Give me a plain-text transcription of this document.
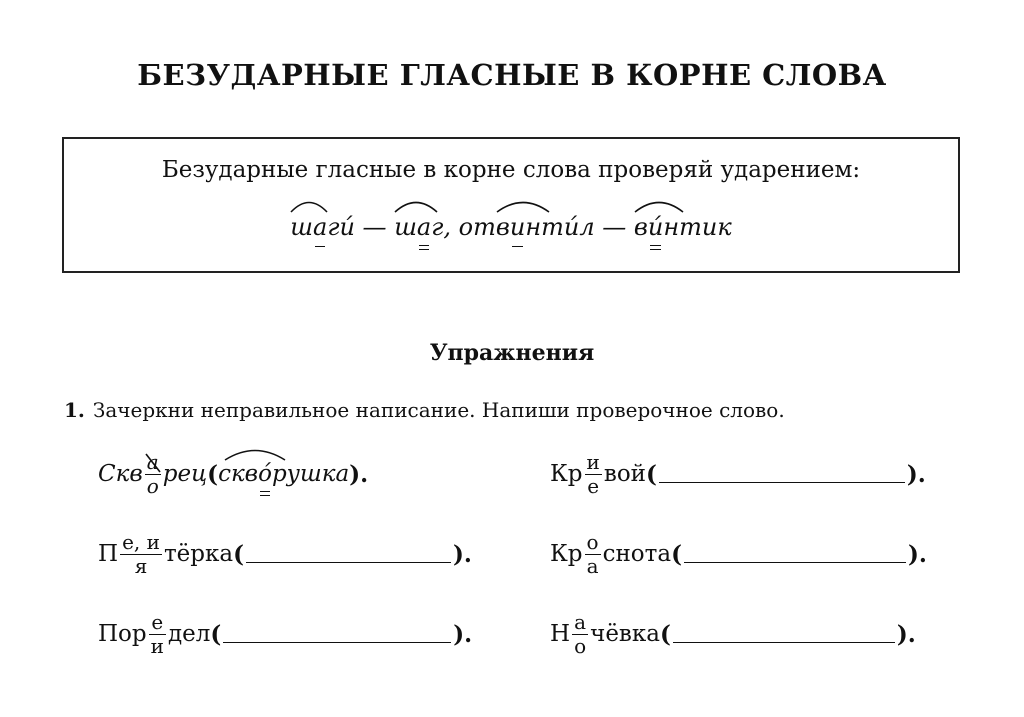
БЕЗУДАРНЫЕ ГЛАСНЫЕ В КОРНЕ СЛОВА
Безударные гласные в корне слова проверяй ударением:
шаги́ —
шаг, от
винти́л —
ви́нтик
Упражнения
1. Зачеркни неправильное написание. Напиши проверочное слово.
Скв $\frac{а}{о}$ рец ( скво́рушка ).	Кр $\frac{и}{е}$ вой (	).
П $\frac{е, и}{я}$ тёрка (	).	Кр $\frac{о}{а}$ снота (	).
Пор $\frac{е}{и}$ дел (	).	Н $\frac{а}{о}$ чёвка (	).
